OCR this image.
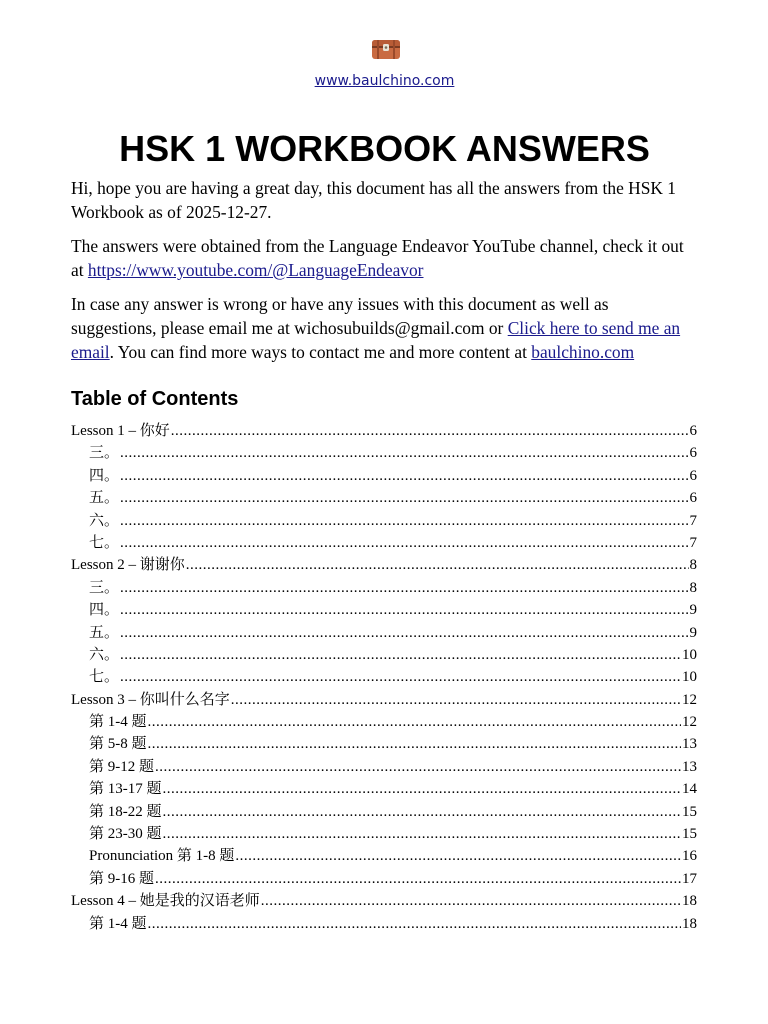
www.baulchino.com
HSK 1 WORKBOOK ANSWERS

Hi, hope you are having a great day, this document has all the answers from the HSK 1 Workbook as of 2025-12-27.

The answers were obtained from the Language Endeavor YouTube channel, check it out at https://www.youtube.com/@LanguageEndeavor

In case any answer is wrong or have any issues with this document as well as suggestions, please email me at wichosubuilds@gmail.com or Click here to send me an email. You can find more ways to contact me and more content at baulchino.com

Table of Contents
Lesson 1 – 你好 .....	6
三。 .....	6
四。 .....	6
五。 .....	6
六。 .....	7
七。 .....	7
Lesson 2 – 谢谢你 .....	8
三。 .....	8
四。 .....	9
五。 .....	9
六。 .....	10
七。 .....	10
Lesson 3 – 你叫什么名字 .....	12
第 1-4 题 .....	12
第 5-8 题 .....	13
第 9-12 题 .....	13
第 13-17 题 .....	14
第 18-22 题 .....	15
第 23-30 题 .....	15
Pronunciation 第 1-8 题 .....	16
第 9-16 题 .....	17
Lesson 4 – 她是我的汉语老师 .....	18
第 1-4 题 .....	18
